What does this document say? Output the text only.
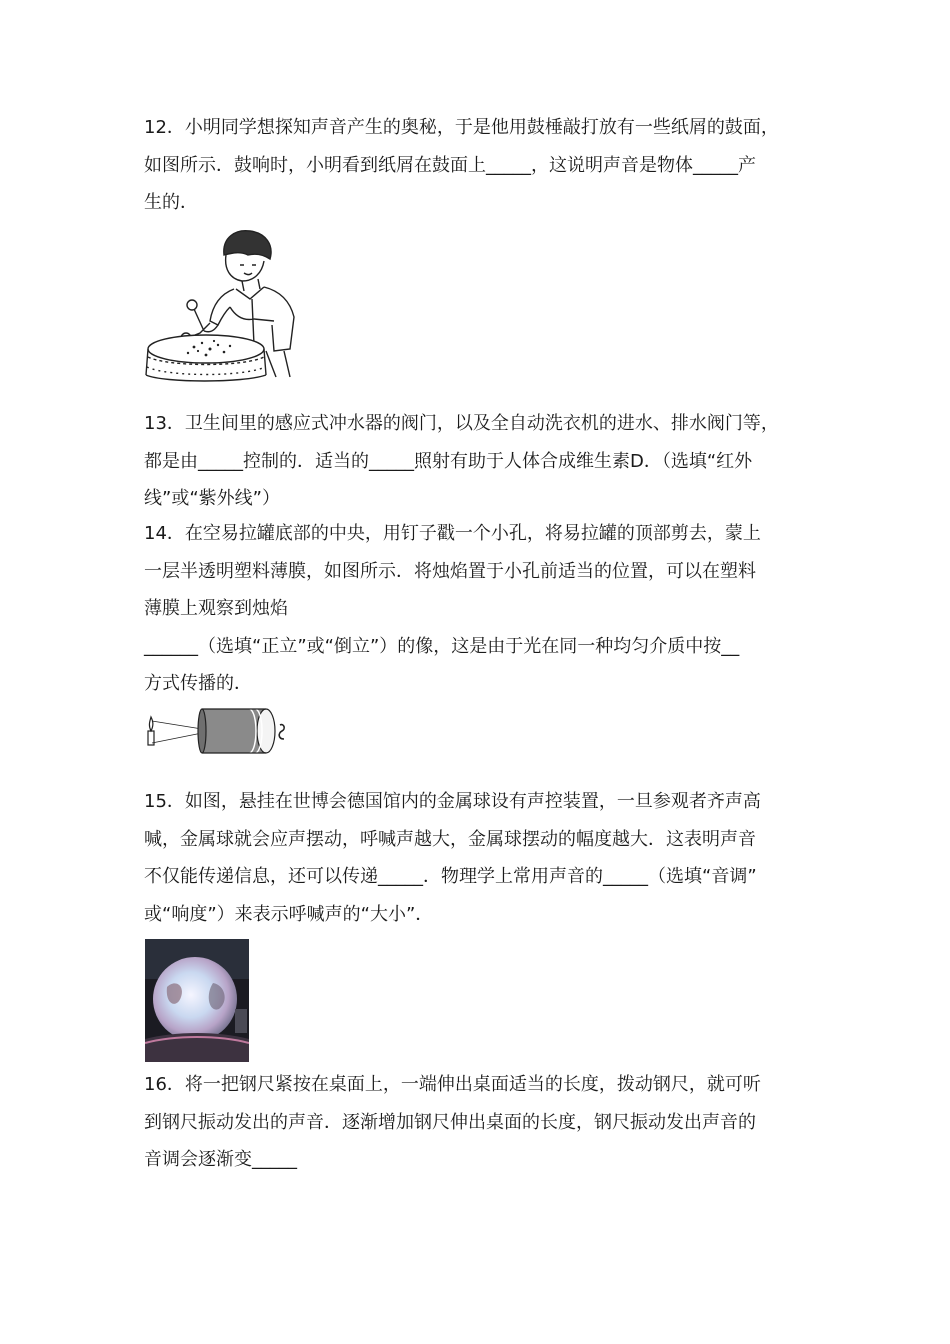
12．小明同学想探知声音产生的奥秘，于是他用鼓棰敲打放有一些纸屑的鼓面，
如图所示．鼓响时，小明看到纸屑在鼓面上_____，这说明声音是物体_____产
生的．
13．卫生间里的感应式冲水器的阀门，以及全自动洗衣机的进水、排水阀门等，
都是由_____控制的．适当的_____照射有助于人体合成维生素D．（选填“红外
线”或“紫外线”）
14．在空易拉罐底部的中央，用钉子戳一个小孔，将易拉罐的顶部剪去，蒙上
一层半透明塑料薄膜，如图所示．将烛焰置于小孔前适当的位置，可以在塑料
薄膜上观察到烛焰
______（选填“正立”或“倒立”）的像，这是由于光在同一种均匀介质中按__
方式传播的．
15．如图，悬挂在世博会德国馆内的金属球设有声控装置，一旦参观者齐声高
喊，金属球就会应声摆动，呼喊声越大，金属球摆动的幅度越大．这表明声音
不仅能传递信息，还可以传递_____．物理学上常用声音的_____（选填“音调”
或“响度”）来表示呼喊声的“大小”．
16．将一把钢尺紧按在桌面上，一端伸出桌面适当的长度，拨动钢尺，就可听
到钢尺振动发出的声音．逐渐增加钢尺伸出桌面的长度，钢尺振动发出声音的
音调会逐渐变_____
